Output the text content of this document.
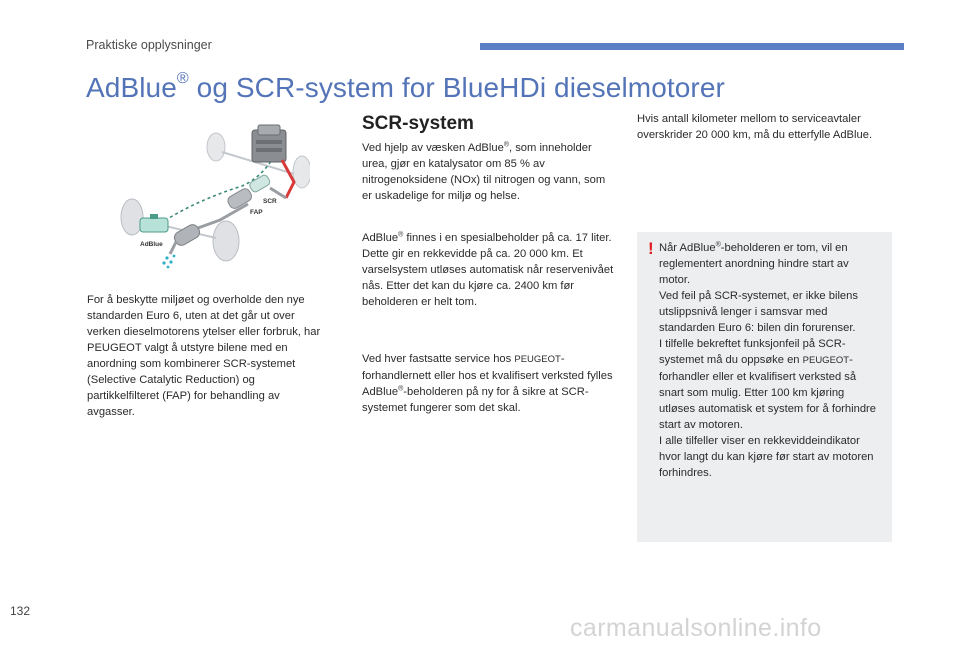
Praktiske opplysninger
AdBlue® og SCR-system for BlueHDi dieselmotorer
SCR
FAP
AdBlue

For å beskytte miljøet og overholde den nye standarden Euro 6, uten at det går ut over verken dieselmotorens ytelser eller forbruk, har PEUGEOT valgt å utstyre bilene med en anordning som kombinerer SCR-systemet (Selective Catalytic Reduction) og partikkelfilteret (FAP) for behandling av avgasser.

SCR-system

Ved hjelp av væsken AdBlue®, som inneholder urea, gjør en katalysator om 85 % av nitrogenoksidene (NOx) til nitrogen og vann, som er uskadelige for miljø og helse.

AdBlue® finnes i en spesialbeholder på ca. 17 liter. Dette gir en rekkevidde på ca. 20 000 km. Et varselsystem utløses automatisk når reservenivået nås. Etter det kan du kjøre ca. 2400 km før beholderen er helt tom.

Ved hver fastsatte service hos PEUGEOT-forhandlernett eller hos et kvalifisert verksted fylles AdBlue®-beholderen på ny for å sikre at SCR-systemet fungerer som det skal.

Hvis antall kilometer mellom to serviceavtaler overskrider 20 000 km, må du etterfylle AdBlue.

! Når AdBlue®-beholderen er tom, vil en reglementert anordning hindre start av motor.
Ved feil på SCR-systemet, er ikke bilens utslippsnivå lenger i samsvar med standarden Euro 6: bilen din forurenser.
I tilfelle bekreftet funksjonfeil på SCR-systemet må du oppsøke en PEUGEOT-forhandler eller et kvalifisert verksted så snart som mulig. Etter 100 km kjøring utløses automatisk et system for å forhindre start av motoren.
I alle tilfeller viser en rekkeviddeindikator hvor langt du kan kjøre før start av motoren forhindres.
132
carmanualsonline.info
